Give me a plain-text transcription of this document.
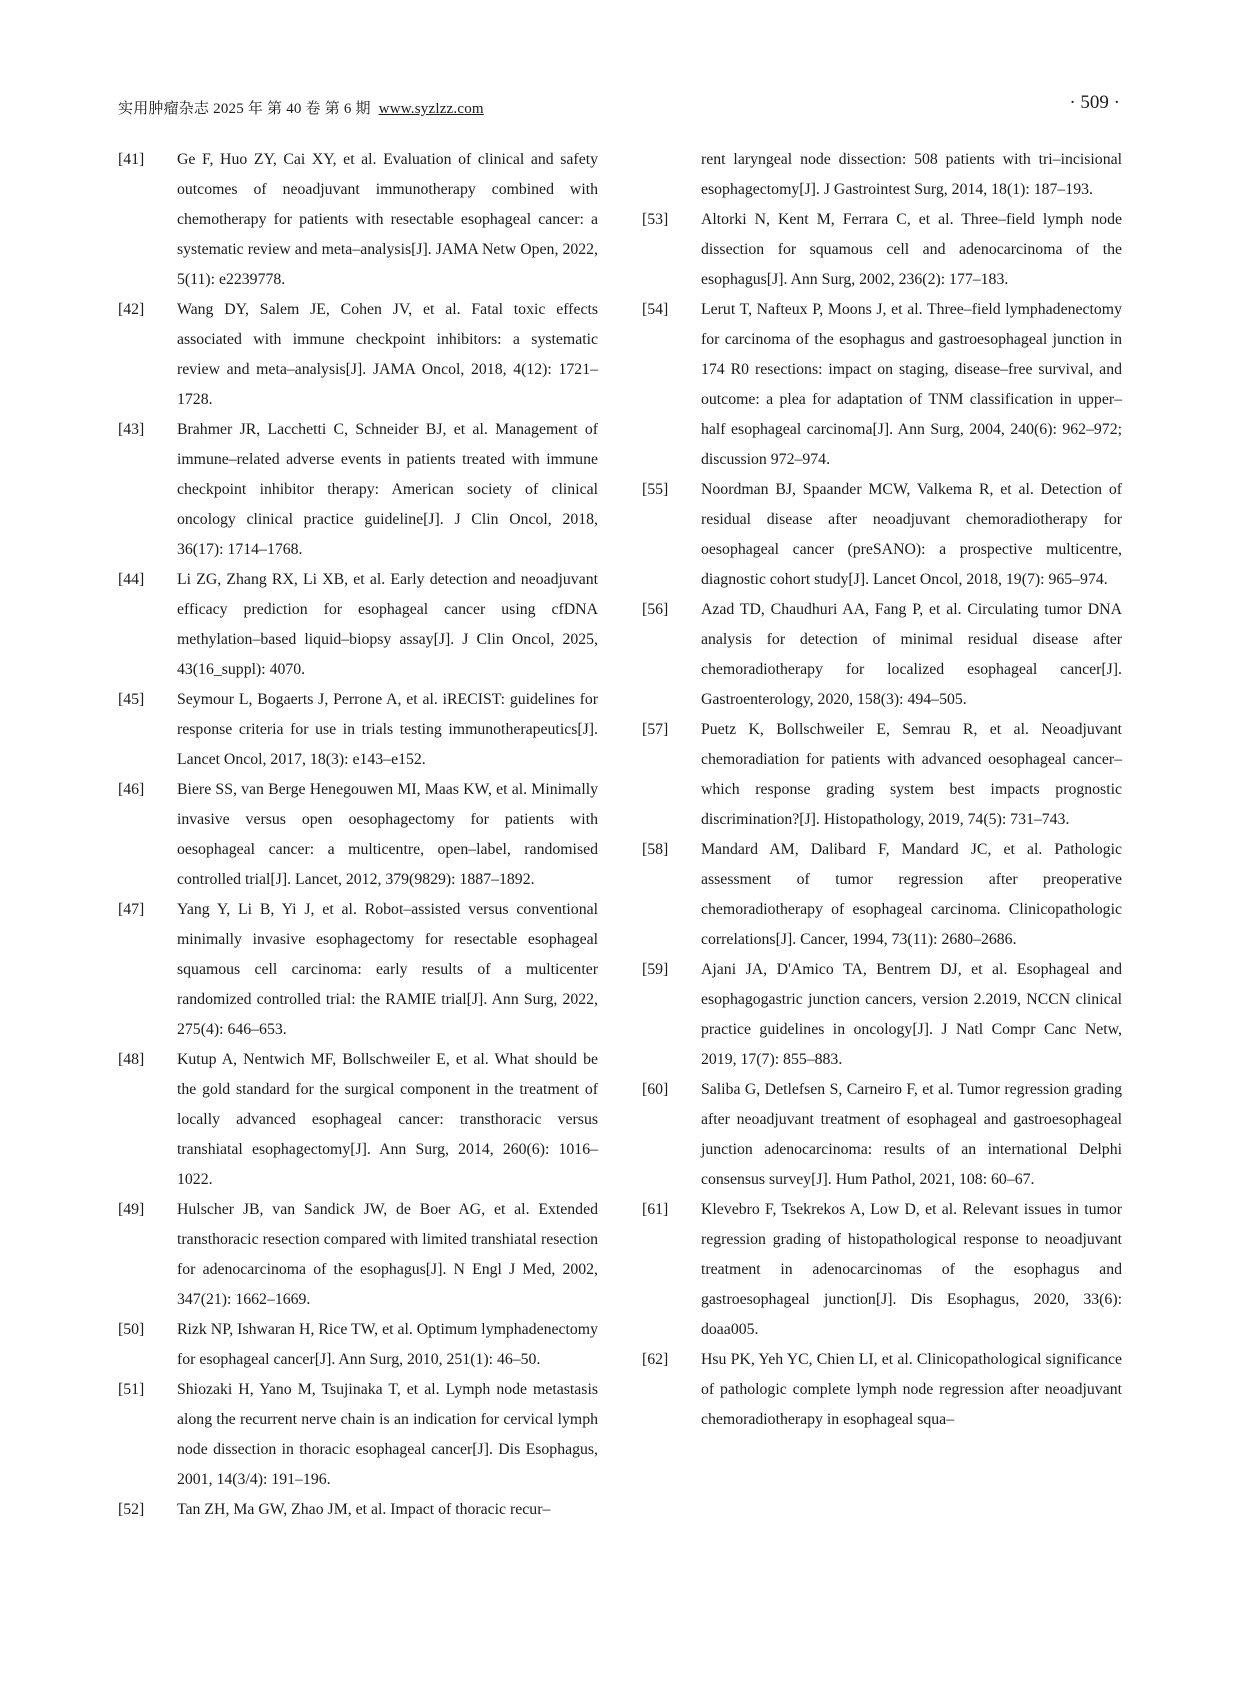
实用肿瘤杂志 2025 年 第 40 卷 第 6 期 www.syzlzz.com	· 509 ·
[41]	Ge F, Huo ZY, Cai XY, et al. Evaluation of clinical and safety outcomes of neoadjuvant immunotherapy combined with chemotherapy for patients with resectable esophageal cancer: a systematic review and meta–analysis[J]. JAMA Netw Open, 2022, 5(11): e2239778.
[42]	Wang DY, Salem JE, Cohen JV, et al. Fatal toxic effects associated with immune checkpoint inhibitors: a systematic review and meta–analysis[J]. JAMA Oncol, 2018, 4(12): 1721–1728.
[43]	Brahmer JR, Lacchetti C, Schneider BJ, et al. Management of immune–related adverse events in patients treated with immune checkpoint inhibitor therapy: American society of clinical oncology clinical practice guideline[J]. J Clin Oncol, 2018, 36(17): 1714–1768.
[44]	Li ZG, Zhang RX, Li XB, et al. Early detection and neoadjuvant efficacy prediction for esophageal cancer using cfDNA methylation–based liquid–biopsy assay[J]. J Clin Oncol, 2025, 43(16_suppl): 4070.
[45]	Seymour L, Bogaerts J, Perrone A, et al. iRECIST: guidelines for response criteria for use in trials testing immunotherapeutics[J]. Lancet Oncol, 2017, 18(3): e143–e152.
[46]	Biere SS, van Berge Henegouwen MI, Maas KW, et al. Minimally invasive versus open oesophagectomy for patients with oesophageal cancer: a multicentre, open–label, randomised controlled trial[J]. Lancet, 2012, 379(9829): 1887–1892.
[47]	Yang Y, Li B, Yi J, et al. Robot–assisted versus conventional minimally invasive esophagectomy for resectable esophageal squamous cell carcinoma: early results of a multicenter randomized controlled trial: the RAMIE trial[J]. Ann Surg, 2022, 275(4): 646–653.
[48]	Kutup A, Nentwich MF, Bollschweiler E, et al. What should be the gold standard for the surgical component in the treatment of locally advanced esophageal cancer: transthoracic versus transhiatal esophagectomy[J]. Ann Surg, 2014, 260(6): 1016–1022.
[49]	Hulscher JB, van Sandick JW, de Boer AG, et al. Extended transthoracic resection compared with limited transhiatal resection for adenocarcinoma of the esophagus[J]. N Engl J Med, 2002, 347(21): 1662–1669.
[50]	Rizk NP, Ishwaran H, Rice TW, et al. Optimum lymphadenectomy for esophageal cancer[J]. Ann Surg, 2010, 251(1): 46–50.
[51]	Shiozaki H, Yano M, Tsujinaka T, et al. Lymph node metastasis along the recurrent nerve chain is an indication for cervical lymph node dissection in thoracic esophageal cancer[J]. Dis Esophagus, 2001, 14(3/4): 191–196.
[52]	Tan ZH, Ma GW, Zhao JM, et al. Impact of thoracic recur–
rent laryngeal node dissection: 508 patients with tri–incisional esophagectomy[J]. J Gastrointest Surg, 2014, 18(1): 187–193.
[53]	Altorki N, Kent M, Ferrara C, et al. Three–field lymph node dissection for squamous cell and adenocarcinoma of the esophagus[J]. Ann Surg, 2002, 236(2): 177–183.
[54]	Lerut T, Nafteux P, Moons J, et al. Three–field lymphadenectomy for carcinoma of the esophagus and gastroesophageal junction in 174 R0 resections: impact on staging, disease–free survival, and outcome: a plea for adaptation of TNM classification in upper–half esophageal carcinoma[J]. Ann Surg, 2004, 240(6): 962–972; discussion 972–974.
[55]	Noordman BJ, Spaander MCW, Valkema R, et al. Detection of residual disease after neoadjuvant chemoradiotherapy for oesophageal cancer (preSANO): a prospective multicentre, diagnostic cohort study[J]. Lancet Oncol, 2018, 19(7): 965–974.
[56]	Azad TD, Chaudhuri AA, Fang P, et al. Circulating tumor DNA analysis for detection of minimal residual disease after chemoradiotherapy for localized esophageal cancer[J]. Gastroenterology, 2020, 158(3): 494–505.
[57]	Puetz K, Bollschweiler E, Semrau R, et al. Neoadjuvant chemoradiation for patients with advanced oesophageal cancer–which response grading system best impacts prognostic discrimination?[J]. Histopathology, 2019, 74(5): 731–743.
[58]	Mandard AM, Dalibard F, Mandard JC, et al. Pathologic assessment of tumor regression after preoperative chemoradiotherapy of esophageal carcinoma. Clinicopathologic correlations[J]. Cancer, 1994, 73(11): 2680–2686.
[59]	Ajani JA, D'Amico TA, Bentrem DJ, et al. Esophageal and esophagogastric junction cancers, version 2.2019, NCCN clinical practice guidelines in oncology[J]. J Natl Compr Canc Netw, 2019, 17(7): 855–883.
[60]	Saliba G, Detlefsen S, Carneiro F, et al. Tumor regression grading after neoadjuvant treatment of esophageal and gastroesophageal junction adenocarcinoma: results of an international Delphi consensus survey[J]. Hum Pathol, 2021, 108: 60–67.
[61]	Klevebro F, Tsekrekos A, Low D, et al. Relevant issues in tumor regression grading of histopathological response to neoadjuvant treatment in adenocarcinomas of the esophagus and gastroesophageal junction[J]. Dis Esophagus, 2020, 33(6): doaa005.
[62]	Hsu PK, Yeh YC, Chien LI, et al. Clinicopathological significance of pathologic complete lymph node regression after neoadjuvant chemoradiotherapy in esophageal squa–
